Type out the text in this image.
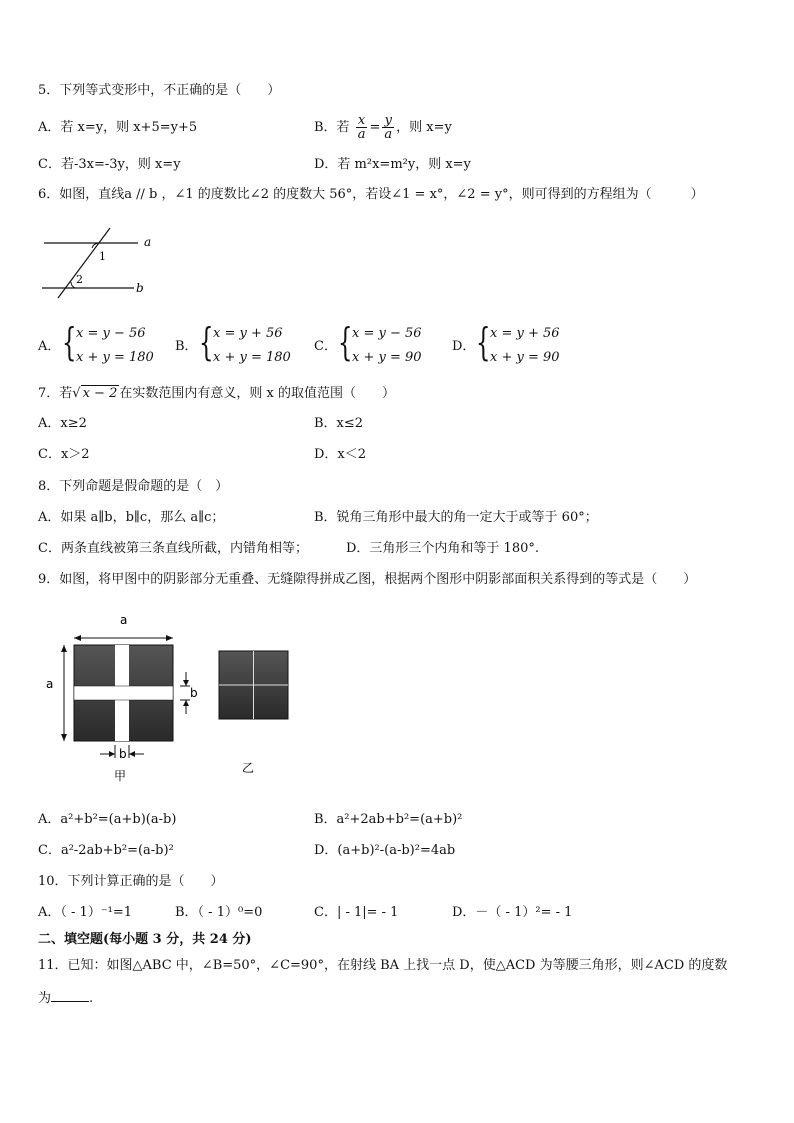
5．下列等式变形中，不正确的是（　　）
A．若 x=y，则 x+5=y+5	B．若 $\frac{x}{a} = \frac{y}{a}$ ，则 x=y
C．若-3x=-3y，则 x=y	D．若 m²x=m²y，则 x=y
6．如图，直线a // b ，∠1 的度数比∠2 的度数大 56°，若设∠1 = x°，∠2 = y°，则可得到的方程组为（　　　）
a
b
1
2
A． { x = y − 56
x + y = 180
B． { x = y + 56
x + y = 180
C． { x = y − 56
x + y = 90
D． { x = y + 56
x + y = 90
7．若√ x − 2 在实数范围内有意义，则 x 的取值范围（　　）
A．x≥2	B．x≤2
C．x＞2	D．x＜2
8．下列命题是假命题的是（　）
A．如果 a∥b，b∥c，那么 a∥c；	B．锐角三角形中最大的角一定大于或等于 60°；
C．两条直线被第三条直线所截，内错角相等；	D．三角形三个内角和等于 180°.
9．如图，将甲图中的阴影部分无重叠、无缝隙得拼成乙图，根据两个图形中阴影部面积关系得到的等式是（　　）
a
a
b
b
甲
乙
A．a²+b²=(a+b)(a-b)	B．a²+2ab+b²=(a+b)²
C．a²-2ab+b²=(a-b)²	D．(a+b)²-(a-b)²=4ab
10．下列计算正确的是（　　）
A．（ - 1）⁻¹=1	B．（ - 1）⁰=0	C．| - 1|= - 1	D．－（ - 1）²= - 1
二、填空题(每小题 3 分，共 24 分)
11．已知：如图△ABC 中，∠B=50°，∠C=90°，在射线 BA 上找一点 D，使△ACD 为等腰三角形，则∠ACD 的度数
为	.
